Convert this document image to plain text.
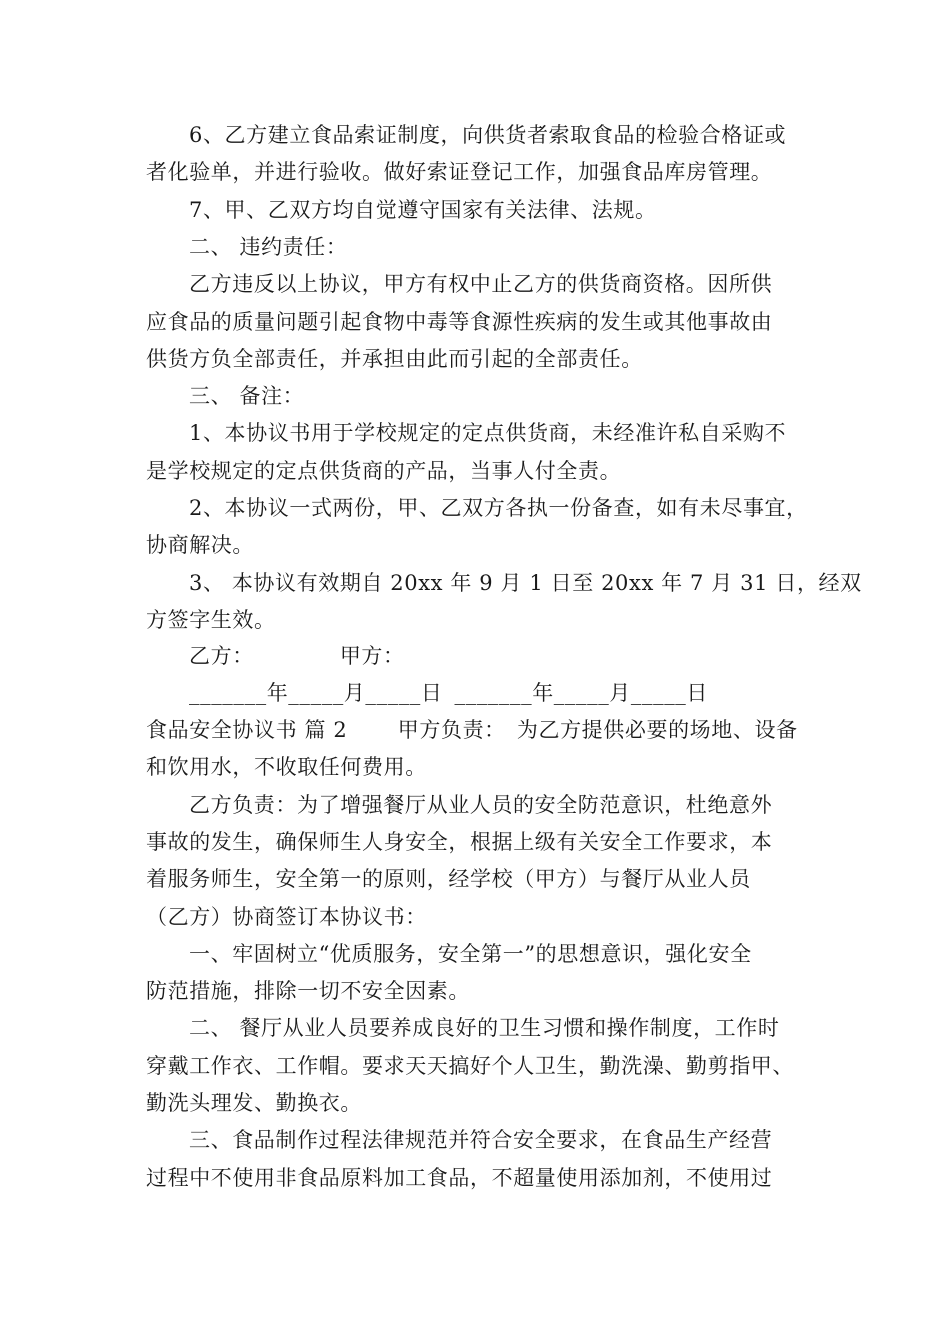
6、乙方建立食品索证制度，向供货者索取食品的检验合格证或
者化验单，并进行验收。做好索证登记工作，加强食品库房管理。
7、甲、乙双方均自觉遵守国家有关法律、法规。
二、 违约责任：
乙方违反以上协议，甲方有权中止乙方的供货商资格。因所供
应食品的质量问题引起食物中毒等食源性疾病的发生或其他事故由
供货方负全部责任，并承担由此而引起的全部责任。
三、 备注：
1、本协议书用于学校规定的定点供货商，未经准许私自采购不
是学校规定的定点供货商的产品，当事人付全责。
2、本协议一式两份，甲、乙双方各执一份备查，如有未尽事宜，
协商解决。
3、 本协议有效期自 20xx 年 9 月 1 日至 20xx 年 7 月 31 日，经双
方签字生效。
乙方：	甲方：
_______年_____月_____日 _______年_____月_____日
食品安全协议书 篇 2 　　甲方负责：　为乙方提供必要的场地、设备
和饮用水，不收取任何费用。
乙方负责：为了增强餐厅从业人员的安全防范意识，杜绝意外
事故的发生，确保师生人身安全，根据上级有关安全工作要求，本
着服务师生，安全第一的原则，经学校（甲方）与餐厅从业人员
（乙方）协商签订本协议书：
一、牢固树立“优质服务，安全第一”的思想意识，强化安全
防范措施，排除一切不安全因素。
二、 餐厅从业人员要养成良好的卫生习惯和操作制度，工作时
穿戴工作衣、工作帽。要求天天搞好个人卫生，勤洗澡、勤剪指甲、
勤洗头理发、勤换衣。
三、食品制作过程法律规范并符合安全要求，在食品生产经营
过程中不使用非食品原料加工食品，不超量使用添加剂，不使用过
